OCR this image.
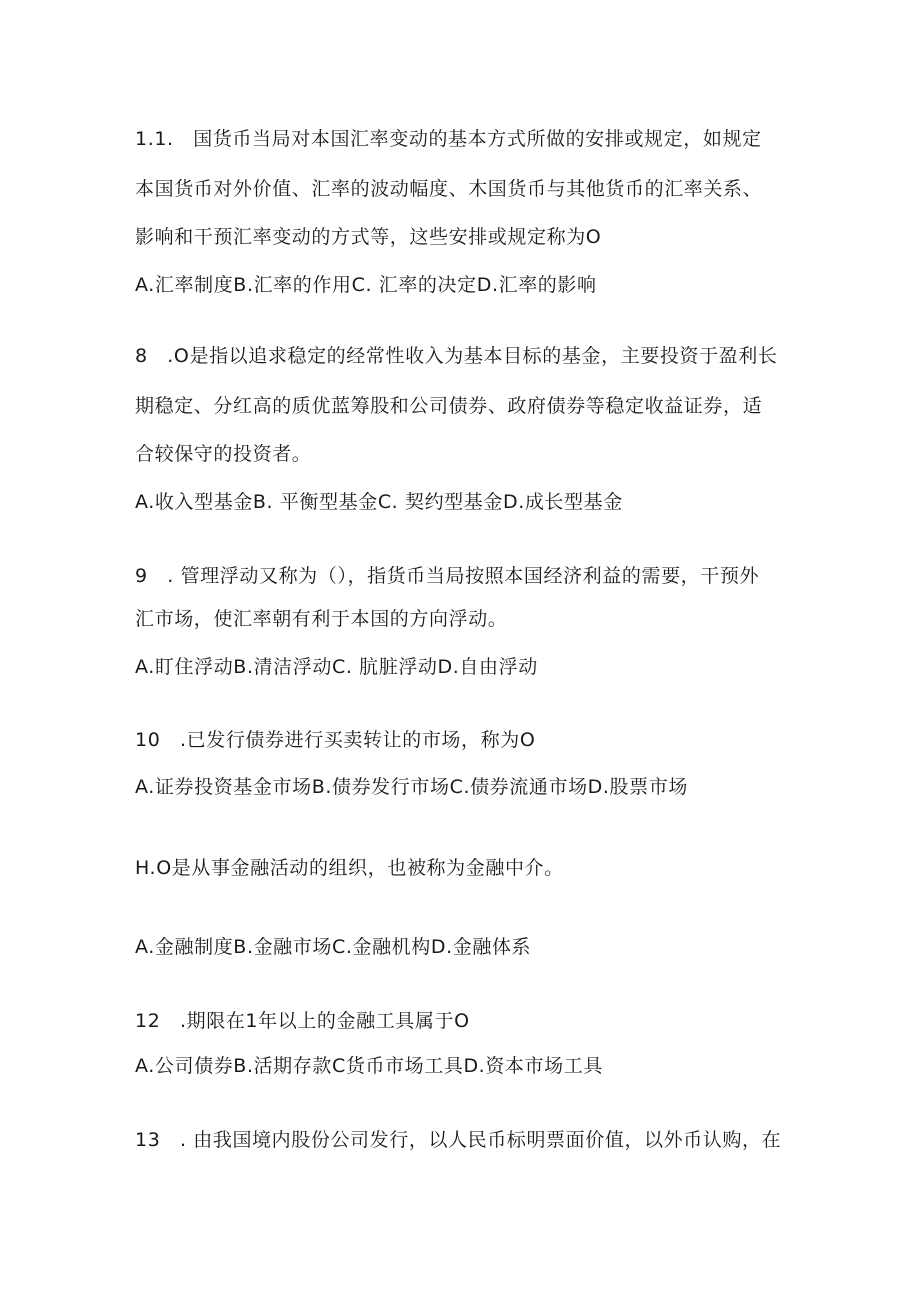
1.1.　国货币当局对本国汇率变动的基本方式所做的安排或规定，如规定
本国货币对外价值、汇率的波动幅度、木国货币与其他货币的汇率关系、
影响和干预汇率变动的方式等，这些安排或规定称为O
A.汇率制度B.汇率的作用C. 汇率的决定D.汇率的影响
8　.O是指以追求稳定的经常性收入为基本目标的基金，主要投资于盈利长
期稳定、分红高的质优蓝筹股和公司债券、政府债券等稳定收益证券，适
合较保守的投资者。
A.收入型基金B. 平衡型基金C. 契约型基金D.成长型基金
9　. 管理浮动又称为（），指货币当局按照本国经济利益的需要，干预外
汇市场，使汇率朝有利于本国的方向浮动。
A.盯住浮动B.清洁浮动C. 肮脏浮动D.自由浮动
10　.已发行债券进行买卖转让的市场，称为O
A.证券投资基金市场B.债券发行市场C.债券流通市场D.股票市场
H.O是从事金融活动的组织，也被称为金融中介。
A.金融制度B.金融市场C.金融机构D.金融体系
12　.期限在1年以上的金融工具属于O
A.公司债券B.活期存款C货币市场工具D.资本市场工具
13　. 由我国境内股份公司发行，以人民币标明票面价值，以外币认购，在
